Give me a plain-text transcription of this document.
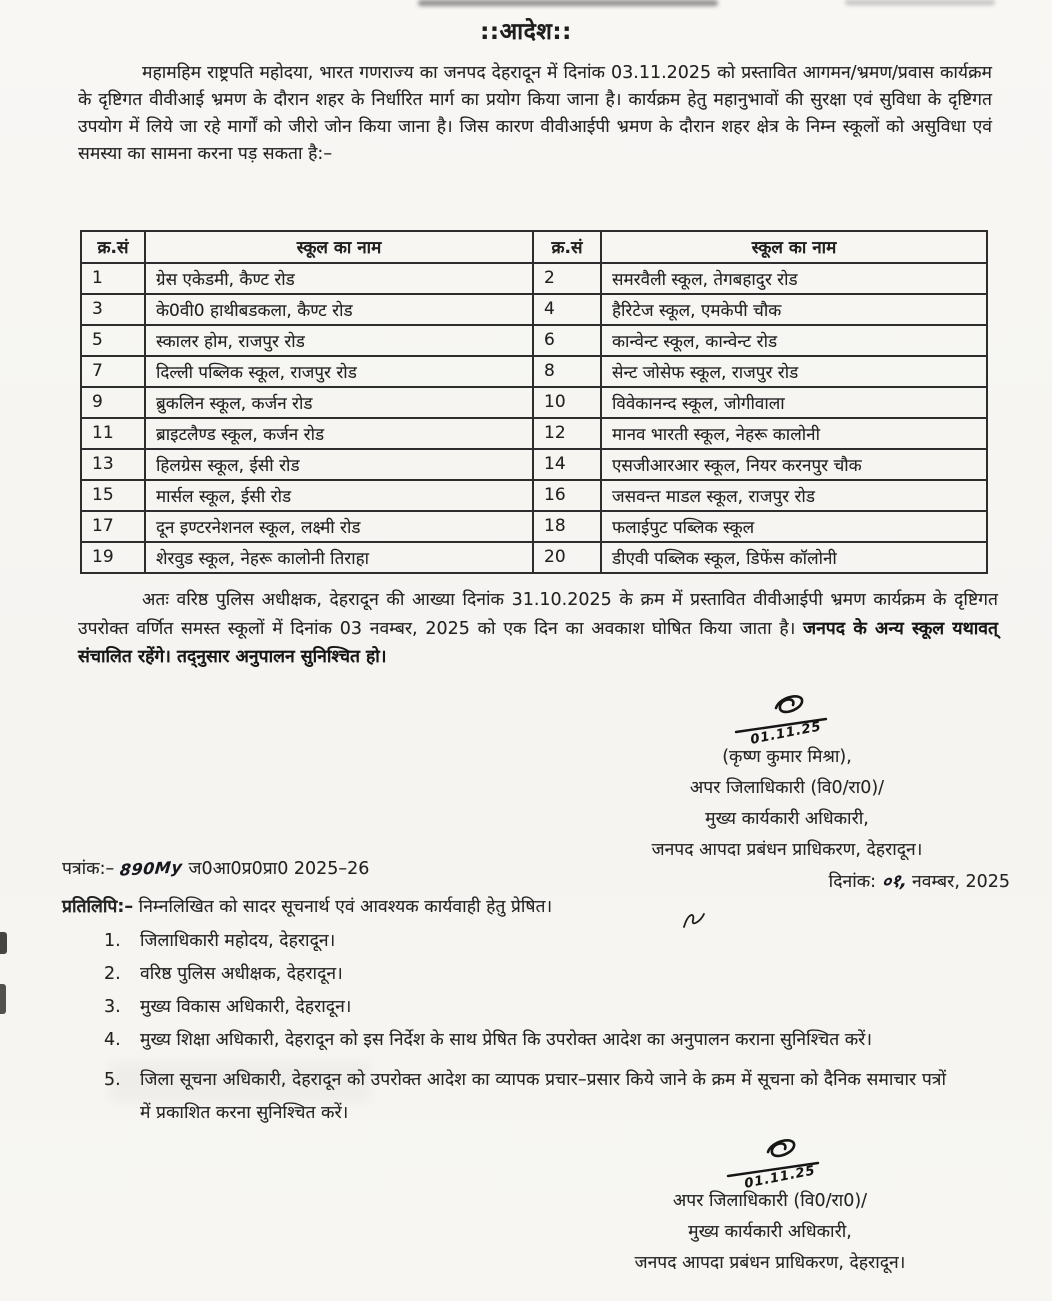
::आदेश::
महामहिम राष्ट्रपति महोदया, भारत गणराज्य का जनपद देहरादून में दिनांक 03.11.2025 को प्रस्तावित आगमन/भ्रमण/प्रवास कार्यक्रम के दृष्टिगत वीवीआई भ्रमण के दौरान शहर के निर्धारित मार्ग का प्रयोग किया जाना है। कार्यक्रम हेतु महानुभावों की सुरक्षा एवं सुविधा के दृष्टिगत उपयोग में लिये जा रहे मार्गों को जीरो जोन किया जाना है। जिस कारण वीवीआईपी भ्रमण के दौरान शहर क्षेत्र के निम्न स्कूलों को असुविधा एवं समस्या का सामना करना पड़ सकता है:–
क्र.सं	स्कूल का नाम	क्र.सं	स्कूल का नाम
1	ग्रेस एकेडमी, कैण्ट रोड	2	समरवैली स्कूल, तेगबहादुर रोड
3	के0वी0 हाथीबडकला, कैण्ट रोड	4	हैरिटेज स्कूल, एमकेपी चौक
5	स्कालर होम, राजपुर रोड	6	कान्वेन्ट स्कूल, कान्वेन्ट रोड
7	दिल्ली पब्लिक स्कूल, राजपुर रोड	8	सेन्ट जोसेफ स्कूल, राजपुर रोड
9	ब्रुकलिन स्कूल, कर्जन रोड	10	विवेकानन्द स्कूल, जोगीवाला
11	ब्राइटलैण्ड स्कूल, कर्जन रोड	12	मानव भारती स्कूल, नेहरू कालोनी
13	हिलग्रेस स्कूल, ईसी रोड	14	एसजीआरआर स्कूल, नियर करनपुर चौक
15	मार्सल स्कूल, ईसी रोड	16	जसवन्त माडल स्कूल, राजपुर रोड
17	दून इण्टरनेशनल स्कूल, लक्ष्मी रोड	18	फलाईपुट पब्लिक स्कूल
19	शेरवुड स्कूल, नेहरू कालोनी तिराहा	20	डीएवी पब्लिक स्कूल, डिफेंस कॉलोनी
अतः वरिष्ठ पुलिस अधीक्षक, देहरादून की आख्या दिनांक 31.10.2025 के क्रम में प्रस्तावित वीवीआईपी भ्रमण कार्यक्रम के दृष्टिगत उपरोक्त वर्णित समस्त स्कूलों में दिनांक 03 नवम्बर, 2025 को एक दिन का अवकाश घोषित किया जाता है। जनपद के अन्य स्कूल यथावत् संचालित रहेंगे। तद्नुसार अनुपालन सुनिश्चित हो।
01.11.25
(कृष्ण कुमार मिश्रा),
अपर जिलाधिकारी (वि0/रा0)/
मुख्य कार्यकारी अधिकारी,
जनपद आपदा प्रबंधन प्राधिकरण, देहरादून।
दिनांक: ०१, नवम्बर, 2025
पत्रांक:– 890My ज0आ0प्र0प्रा0 2025–26
प्रतिलिपि:– निम्नलिखित को सादर सूचनार्थ एवं आवश्यक कार्यवाही हेतु प्रेषित।
1.	जिलाधिकारी महोदय, देहरादून।
2.	वरिष्ठ पुलिस अधीक्षक, देहरादून।
3.	मुख्य विकास अधिकारी, देहरादून।
4.	मुख्य शिक्षा अधिकारी, देहरादून को इस निर्देश के साथ प्रेषित कि उपरोक्त आदेश का अनुपालन कराना सुनिश्चित करें।
5.	जिला सूचना अधिकारी, देहरादून को उपरोक्त आदेश का व्यापक प्रचार–प्रसार किये जाने के क्रम में सूचना को दैनिक समाचार पत्रों में प्रकाशित करना सुनिश्चित करें।
01.11.25
अपर जिलाधिकारी (वि0/रा0)/
मुख्य कार्यकारी अधिकारी,
जनपद आपदा प्रबंधन प्राधिकरण, देहरादून।
